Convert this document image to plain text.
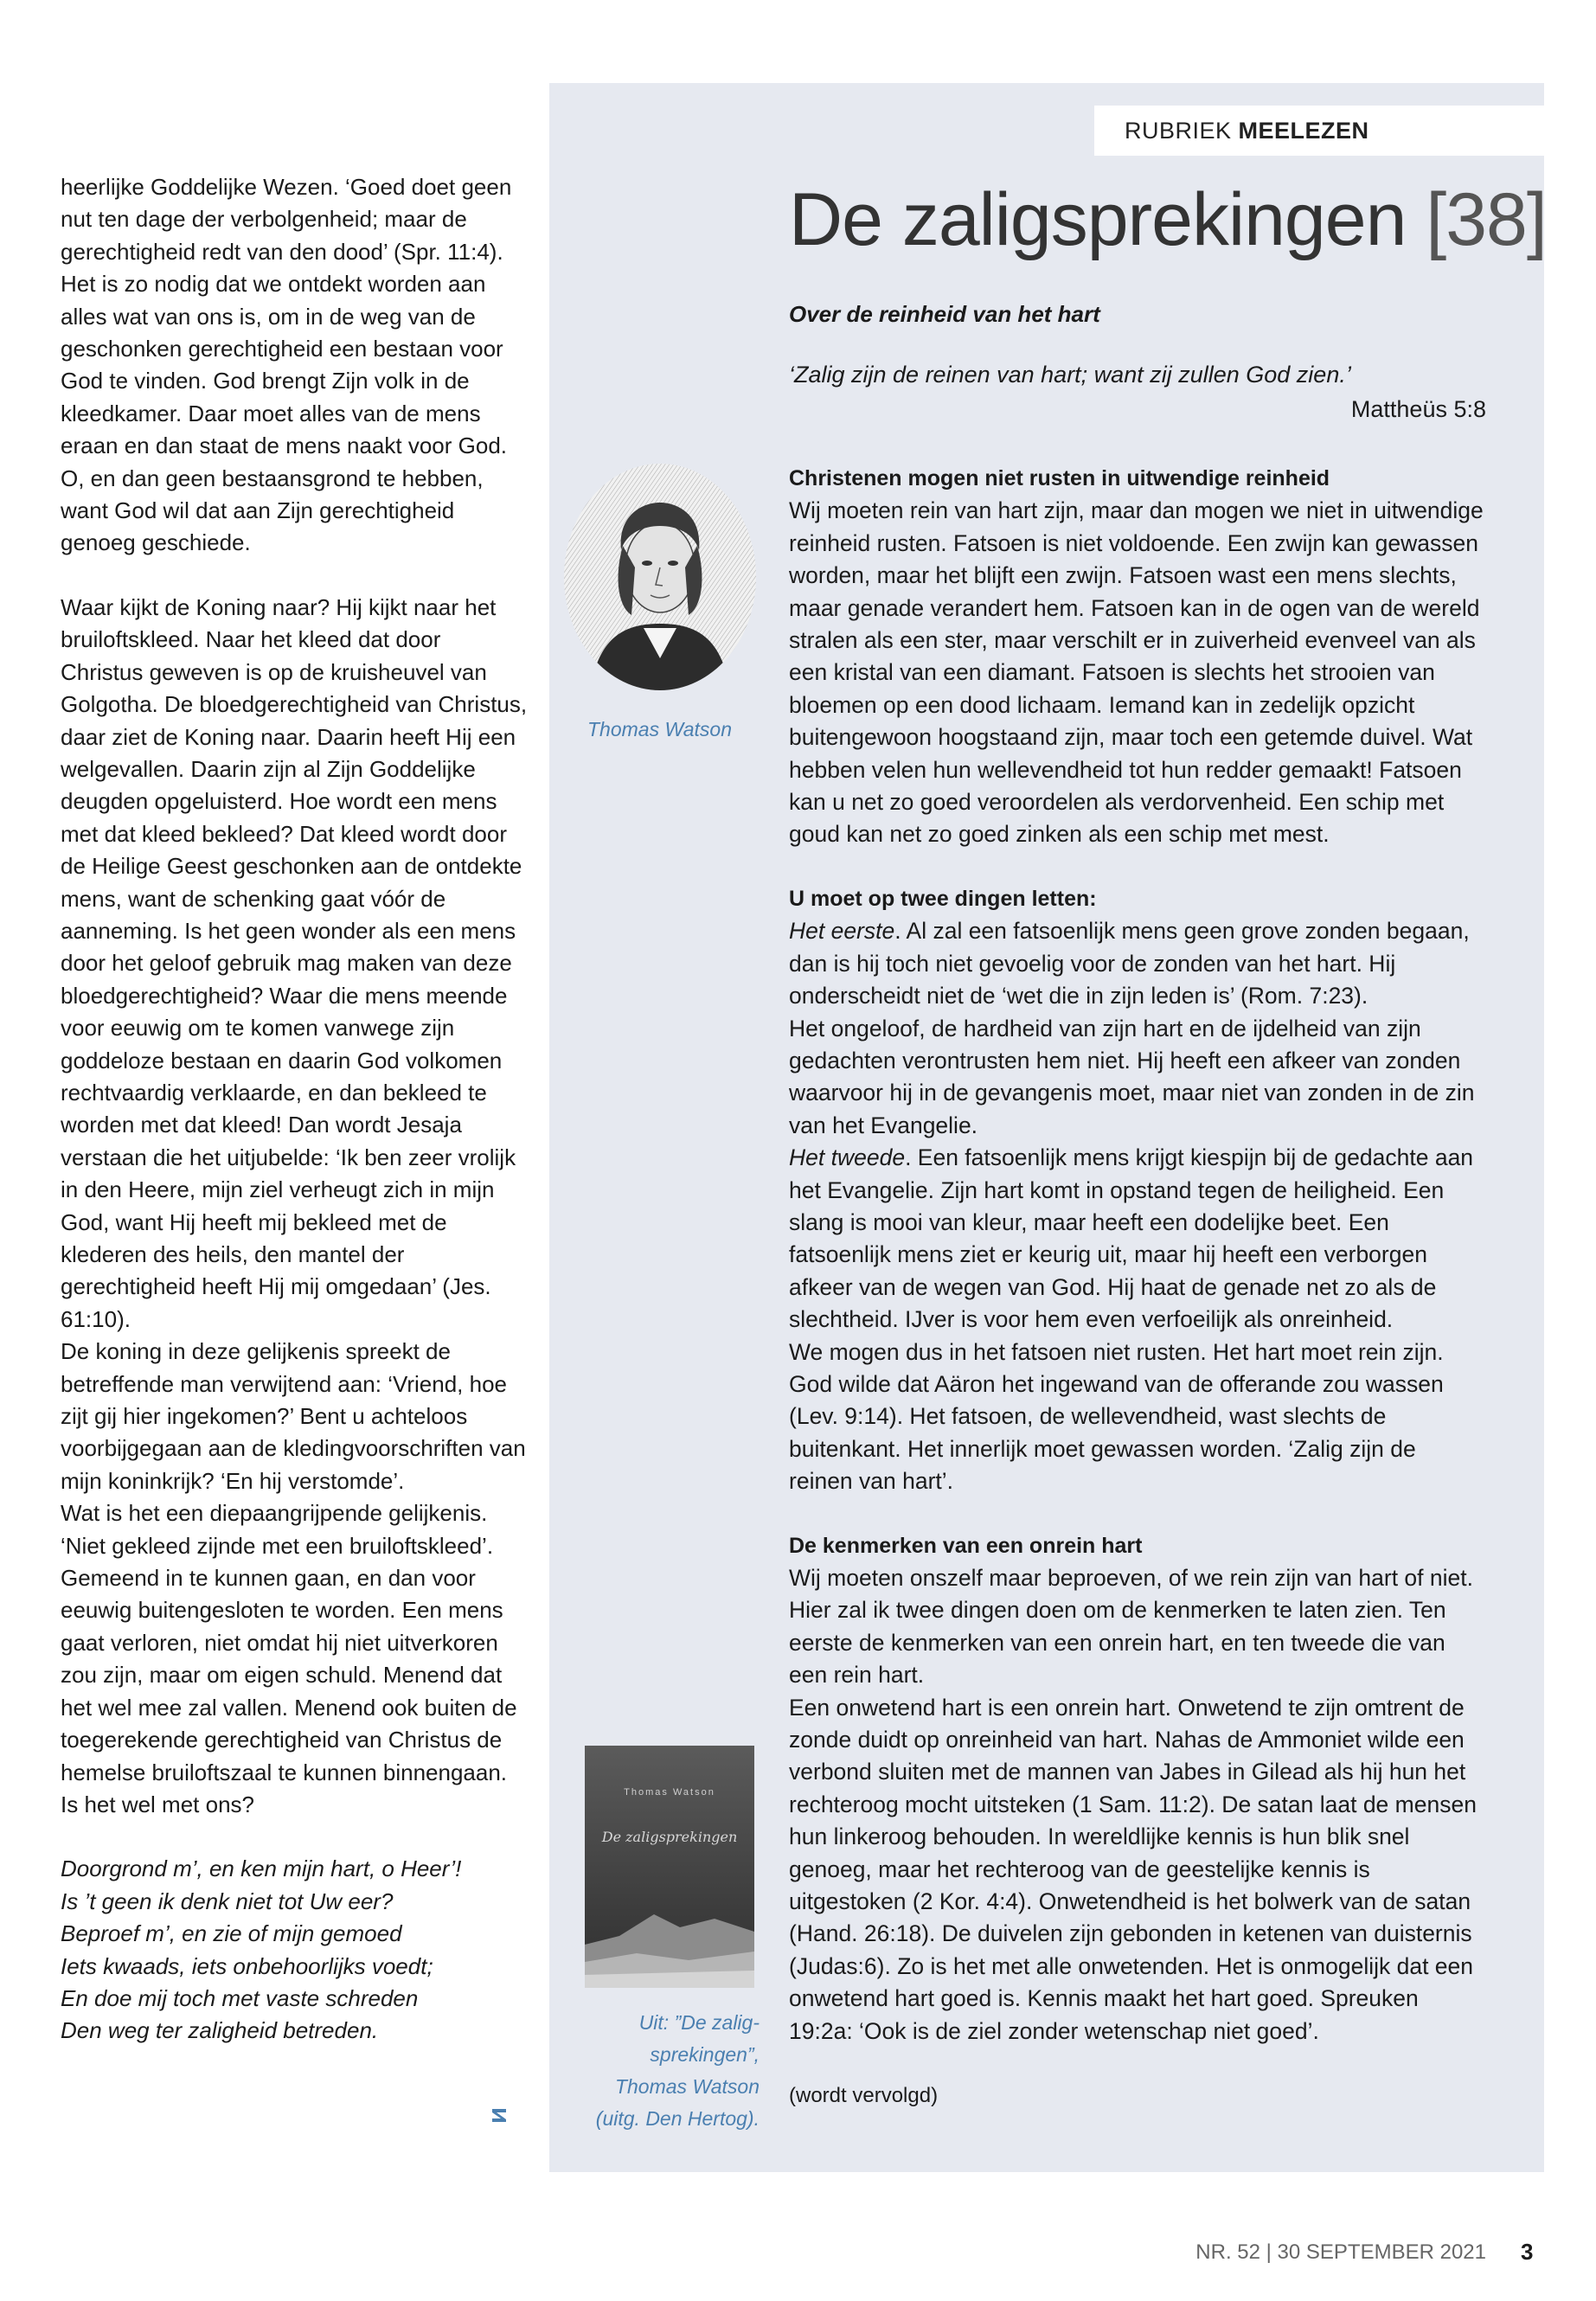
heerlijke Goddelijke Wezen. ‘Goed doet geen nut ten dage der verbolgenheid; maar de gerechtigheid redt van den dood’ (Spr. 11:4).

Het is zo nodig dat we ontdekt worden aan alles wat van ons is, om in de weg van de geschonken gerechtigheid een bestaan voor God te vinden. God brengt Zijn volk in de kleedkamer. Daar moet alles van de mens eraan en dan staat de mens naakt voor God. O, en dan geen bestaansgrond te hebben, want God wil dat aan Zijn gerechtigheid genoeg geschiede.

Waar kijkt de Koning naar? Hij kijkt naar het bruiloftskleed. Naar het kleed dat door Christus geweven is op de kruisheuvel van Golgotha. De bloedgerechtigheid van Christus, daar ziet de Koning naar. Daarin heeft Hij een welgevallen. Daarin zijn al Zijn Goddelijke deugden opgeluisterd. Hoe wordt een mens met dat kleed bekleed? Dat kleed wordt door de Heilige Geest geschonken aan de ontdekte mens, want de schenking gaat vóór de aanneming. Is het geen wonder als een mens door het geloof gebruik mag maken van deze bloedgerechtigheid? Waar die mens meende voor eeuwig om te komen vanwege zijn goddeloze bestaan en daarin God volkomen rechtvaardig verklaarde, en dan bekleed te worden met dat kleed! Dan wordt Jesaja verstaan die het uitjubelde: ‘Ik ben zeer vrolijk in den Heere, mijn ziel verheugt zich in mijn God, want Hij heeft mij bekleed met de klederen des heils, den mantel der gerechtigheid heeft Hij mij omgedaan’ (Jes. 61:10).

De koning in deze gelijkenis spreekt de betreffende man verwijtend aan: ‘Vriend, hoe zijt gij hier ingekomen?’ Bent u achteloos voorbijgegaan aan de kledingvoorschriften van mijn koninkrijk? ‘En hij verstomde’.

Wat is het een diepaangrijpende gelijkenis. ‘Niet gekleed zijnde met een bruiloftskleed’. Gemeend in te kunnen gaan, en dan voor eeuwig buitengesloten te worden. Een mens gaat verloren, niet omdat hij niet uitverkoren zou zijn, maar om eigen schuld. Menend dat het wel mee zal vallen. Menend ook buiten de toegerekende gerechtigheid van Christus de hemelse bruiloftszaal te kunnen binnengaan.

Is het wel met ons?

Doorgrond m’, en ken mijn hart, o Heer’!
Is ’t geen ik denk niet tot Uw eer?
Beproef m’, en zie of mijn gemoed
Iets kwaads, iets onbehoorlijks voedt;
En doe mij toch met vaste schreden
Den weg ter zaligheid betreden.
RUBRIEK MEELEZEN
De zaligsprekingen [38]

Over de reinheid van het hart

‘Zalig zijn de reinen van hart; want zij zullen God zien.’

Mattheüs 5:8

Thomas Watson
Christenen mogen niet rusten in uitwendige reinheid

Wij moeten rein van hart zijn, maar dan mogen we niet in uitwendige reinheid rusten. Fatsoen is niet voldoende. Een zwijn kan gewassen worden, maar het blijft een zwijn. Fatsoen wast een mens slechts, maar genade verandert hem. Fatsoen kan in de ogen van de wereld stralen als een ster, maar verschilt er in zuiverheid evenveel van als een kristal van een diamant. Fatsoen is slechts het strooien van bloemen op een dood lichaam. Iemand kan in zedelijk opzicht buitengewoon hoogstaand zijn, maar toch een getemde duivel. Wat hebben velen hun wellevendheid tot hun redder gemaakt! Fatsoen kan u net zo goed veroordelen als verdorvenheid. Een schip met goud kan net zo goed zinken als een schip met mest.

U moet op twee dingen letten:

Het eerste. Al zal een fatsoenlijk mens geen grove zonden begaan, dan is hij toch niet gevoelig voor de zonden van het hart. Hij onderscheidt niet de ‘wet die in zijn leden is’ (Rom. 7:23).

Het ongeloof, de hardheid van zijn hart en de ijdelheid van zijn gedachten verontrusten hem niet. Hij heeft een afkeer van zonden waarvoor hij in de gevangenis moet, maar niet van zonden in de zin van het Evangelie.

Het tweede. Een fatsoenlijk mens krijgt kiespijn bij de gedachte aan het Evangelie. Zijn hart komt in opstand tegen de heiligheid. Een slang is mooi van kleur, maar heeft een dodelijke beet. Een fatsoenlijk mens ziet er keurig uit, maar hij heeft een verborgen afkeer van de wegen van God. Hij haat de genade net zo als de slechtheid. IJver is voor hem even verfoeilijk als onreinheid.

We mogen dus in het fatsoen niet rusten. Het hart moet rein zijn. God wilde dat Aäron het ingewand van de offerande zou wassen (Lev. 9:14). Het fatsoen, de wellevendheid, wast slechts de buitenkant. Het innerlijk moet gewassen worden. ‘Zalig zijn de reinen van hart’.

De kenmerken van een onrein hart

Wij moeten onszelf maar beproeven, of we rein zijn van hart of niet. Hier zal ik twee dingen doen om de kenmerken te laten zien. Ten eerste de kenmerken van een onrein hart, en ten tweede die van een rein hart.

Een onwetend hart is een onrein hart. Onwetend te zijn omtrent de zonde duidt op onreinheid van hart. Nahas de Ammoniet wilde een verbond sluiten met de mannen van Jabes in Gilead als hij hun het rechteroog mocht uitsteken (1 Sam. 11:2). De satan laat de mensen hun linkeroog behouden. In wereldlijke kennis is hun blik snel genoeg, maar het rechteroog van de geestelijke kennis is uitgestoken (2 Kor. 4:4). Onwetendheid is het bolwerk van de satan (Hand. 26:18). De duivelen zijn gebonden in ketenen van duisternis (Judas:6). Zo is het met alle onwetenden. Het is onmogelijk dat een onwetend hart goed is. Kennis maakt het hart goed. Spreuken 19:2a: ‘Ook is de ziel zonder wetenschap niet goed’.

(wordt vervolgd)

Thomas Watson
De zaligsprekingen
Uit: ”De zalig-
sprekingen”,
Thomas Watson
(uitg. Den Hertog).
NR. 52 | 30 SEPTEMBER 2021 3
